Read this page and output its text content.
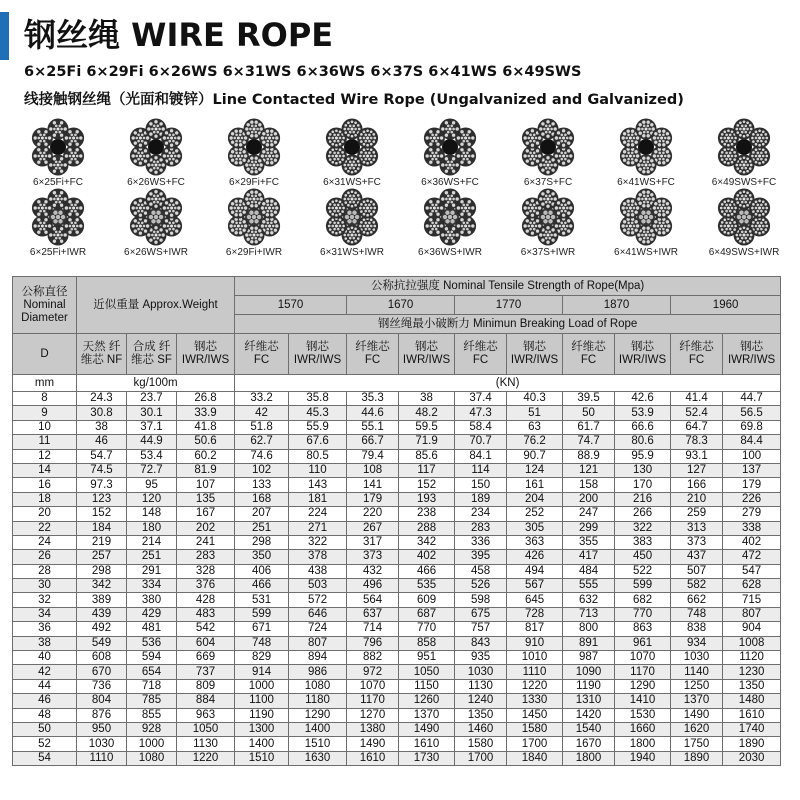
钢丝绳 WIRE ROPE
6×25Fi 6×29Fi 6×26WS 6×31WS 6×36WS 6×37S 6×41WS 6×49SWS
线接触钢丝绳（光面和镀锌）Line Contacted Wire Rope (Ungalvanized and Galvanized)
6×25Fi+FC	6×26WS+FC	6×29Fi+FC	6×31WS+FC	6×36WS+FC	6×37S+FC	6×41WS+FC	6×49SWS+FC
6×25Fi+IWR	6×26WS+IWR	6×29Fi+IWR	6×31WS+IWR	6×36WS+IWR	6×37S+IWR	6×41WS+IWR	6×49SWS+IWR
公称直径 Nominal Diameter	近似重量 Approx.Weight			公称抗拉强度 Nominal Tensile Strength of Rope(Mpa)									
				1570		1670		1770		1870		1960	
				钢丝绳最小破断力 Minimun Breaking Load of Rope									
D	天然 纤维芯 NF	合成 纤维芯 SF	钢芯 IWR/IWS	纤维芯 FC	钢芯 IWR/IWS	纤维芯 FC	钢芯 IWR/IWS	纤维芯 FC	钢芯 IWR/IWS	纤维芯 FC	钢芯 IWR/IWS	纤维芯 FC	钢芯 IWR/IWS
mm	kg/100m			(KN)									
8	24.3	23.7	26.8	33.2	35.8	35.3	38	37.4	40.3	39.5	42.6	41.4	44.7
9	30.8	30.1	33.9	42	45.3	44.6	48.2	47.3	51	50	53.9	52.4	56.5
10	38	37.1	41.8	51.8	55.9	55.1	59.5	58.4	63	61.7	66.6	64.7	69.8
11	46	44.9	50.6	62.7	67.6	66.7	71.9	70.7	76.2	74.7	80.6	78.3	84.4
12	54.7	53.4	60.2	74.6	80.5	79.4	85.6	84.1	90.7	88.9	95.9	93.1	100
14	74.5	72.7	81.9	102	110	108	117	114	124	121	130	127	137
16	97.3	95	107	133	143	141	152	150	161	158	170	166	179
18	123	120	135	168	181	179	193	189	204	200	216	210	226
20	152	148	167	207	224	220	238	234	252	247	266	259	279
22	184	180	202	251	271	267	288	283	305	299	322	313	338
24	219	214	241	298	322	317	342	336	363	355	383	373	402
26	257	251	283	350	378	373	402	395	426	417	450	437	472
28	298	291	328	406	438	432	466	458	494	484	522	507	547
30	342	334	376	466	503	496	535	526	567	555	599	582	628
32	389	380	428	531	572	564	609	598	645	632	682	662	715
34	439	429	483	599	646	637	687	675	728	713	770	748	807
36	492	481	542	671	724	714	770	757	817	800	863	838	904
38	549	536	604	748	807	796	858	843	910	891	961	934	1008
40	608	594	669	829	894	882	951	935	1010	987	1070	1030	1120
42	670	654	737	914	986	972	1050	1030	1110	1090	1170	1140	1230
44	736	718	809	1000	1080	1070	1150	1130	1220	1190	1290	1250	1350
46	804	785	884	1100	1180	1170	1260	1240	1330	1310	1410	1370	1480
48	876	855	963	1190	1290	1270	1370	1350	1450	1420	1530	1490	1610
50	950	928	1050	1300	1400	1380	1490	1460	1580	1540	1660	1620	1740
52	1030	1000	1130	1400	1510	1490	1610	1580	1700	1670	1800	1750	1890
54	1110	1080	1220	1510	1630	1610	1730	1700	1840	1800	1940	1890	2030
